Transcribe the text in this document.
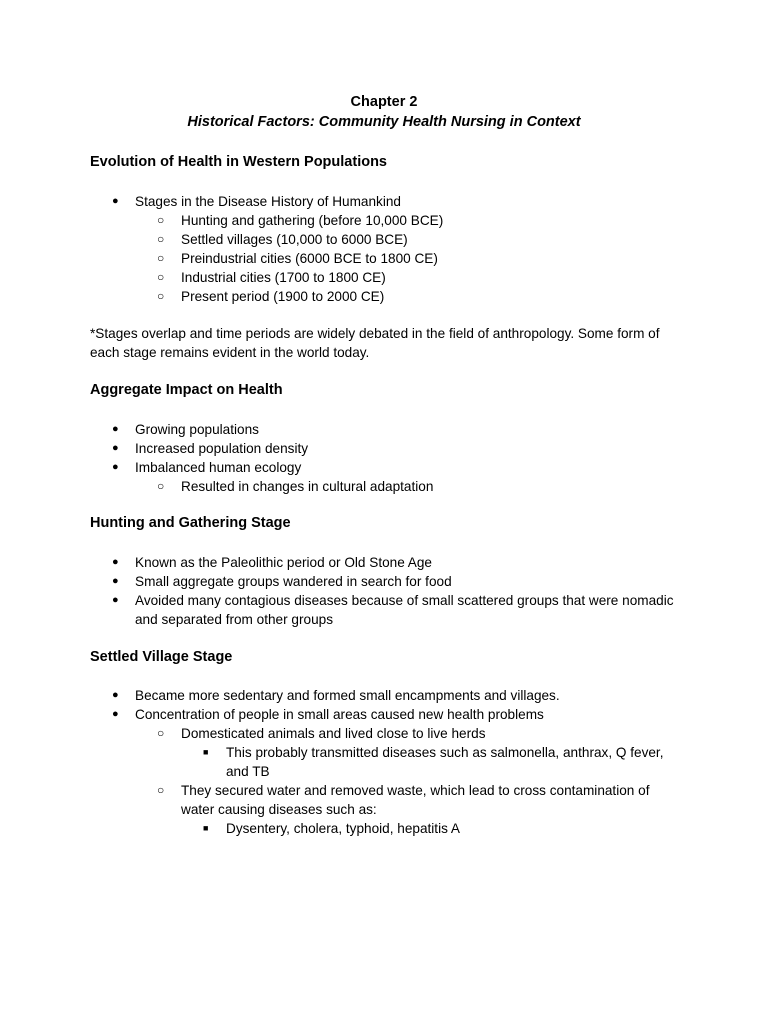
Chapter 2
Historical Factors: Community Health Nursing in Context
Evolution of Health in Western Populations
● Stages in the Disease History of Humankind
○ Hunting and gathering (before 10,000 BCE)
○ Settled villages (10,000 to 6000 BCE)
○ Preindustrial cities (6000 BCE to 1800 CE)
○ Industrial cities (1700 to 1800 CE)
○ Present period (1900 to 2000 CE)
*Stages overlap and time periods are widely debated in the field of anthropology. Some form of each stage remains evident in the world today.
Aggregate Impact on Health
● Growing populations
● Increased population density
● Imbalanced human ecology
○ Resulted in changes in cultural adaptation
Hunting and Gathering Stage
● Known as the Paleolithic period or Old Stone Age
● Small aggregate groups wandered in search for food
● Avoided many contagious diseases because of small scattered groups that were nomadic and separated from other groups
Settled Village Stage
● Became more sedentary and formed small encampments and villages.
● Concentration of people in small areas caused new health problems
○ Domesticated animals and lived close to live herds
■ This probably transmitted diseases such as salmonella, anthrax, Q fever, and TB
○ They secured water and removed waste, which lead to cross contamination of water causing diseases such as:
■ Dysentery, cholera, typhoid, hepatitis A
